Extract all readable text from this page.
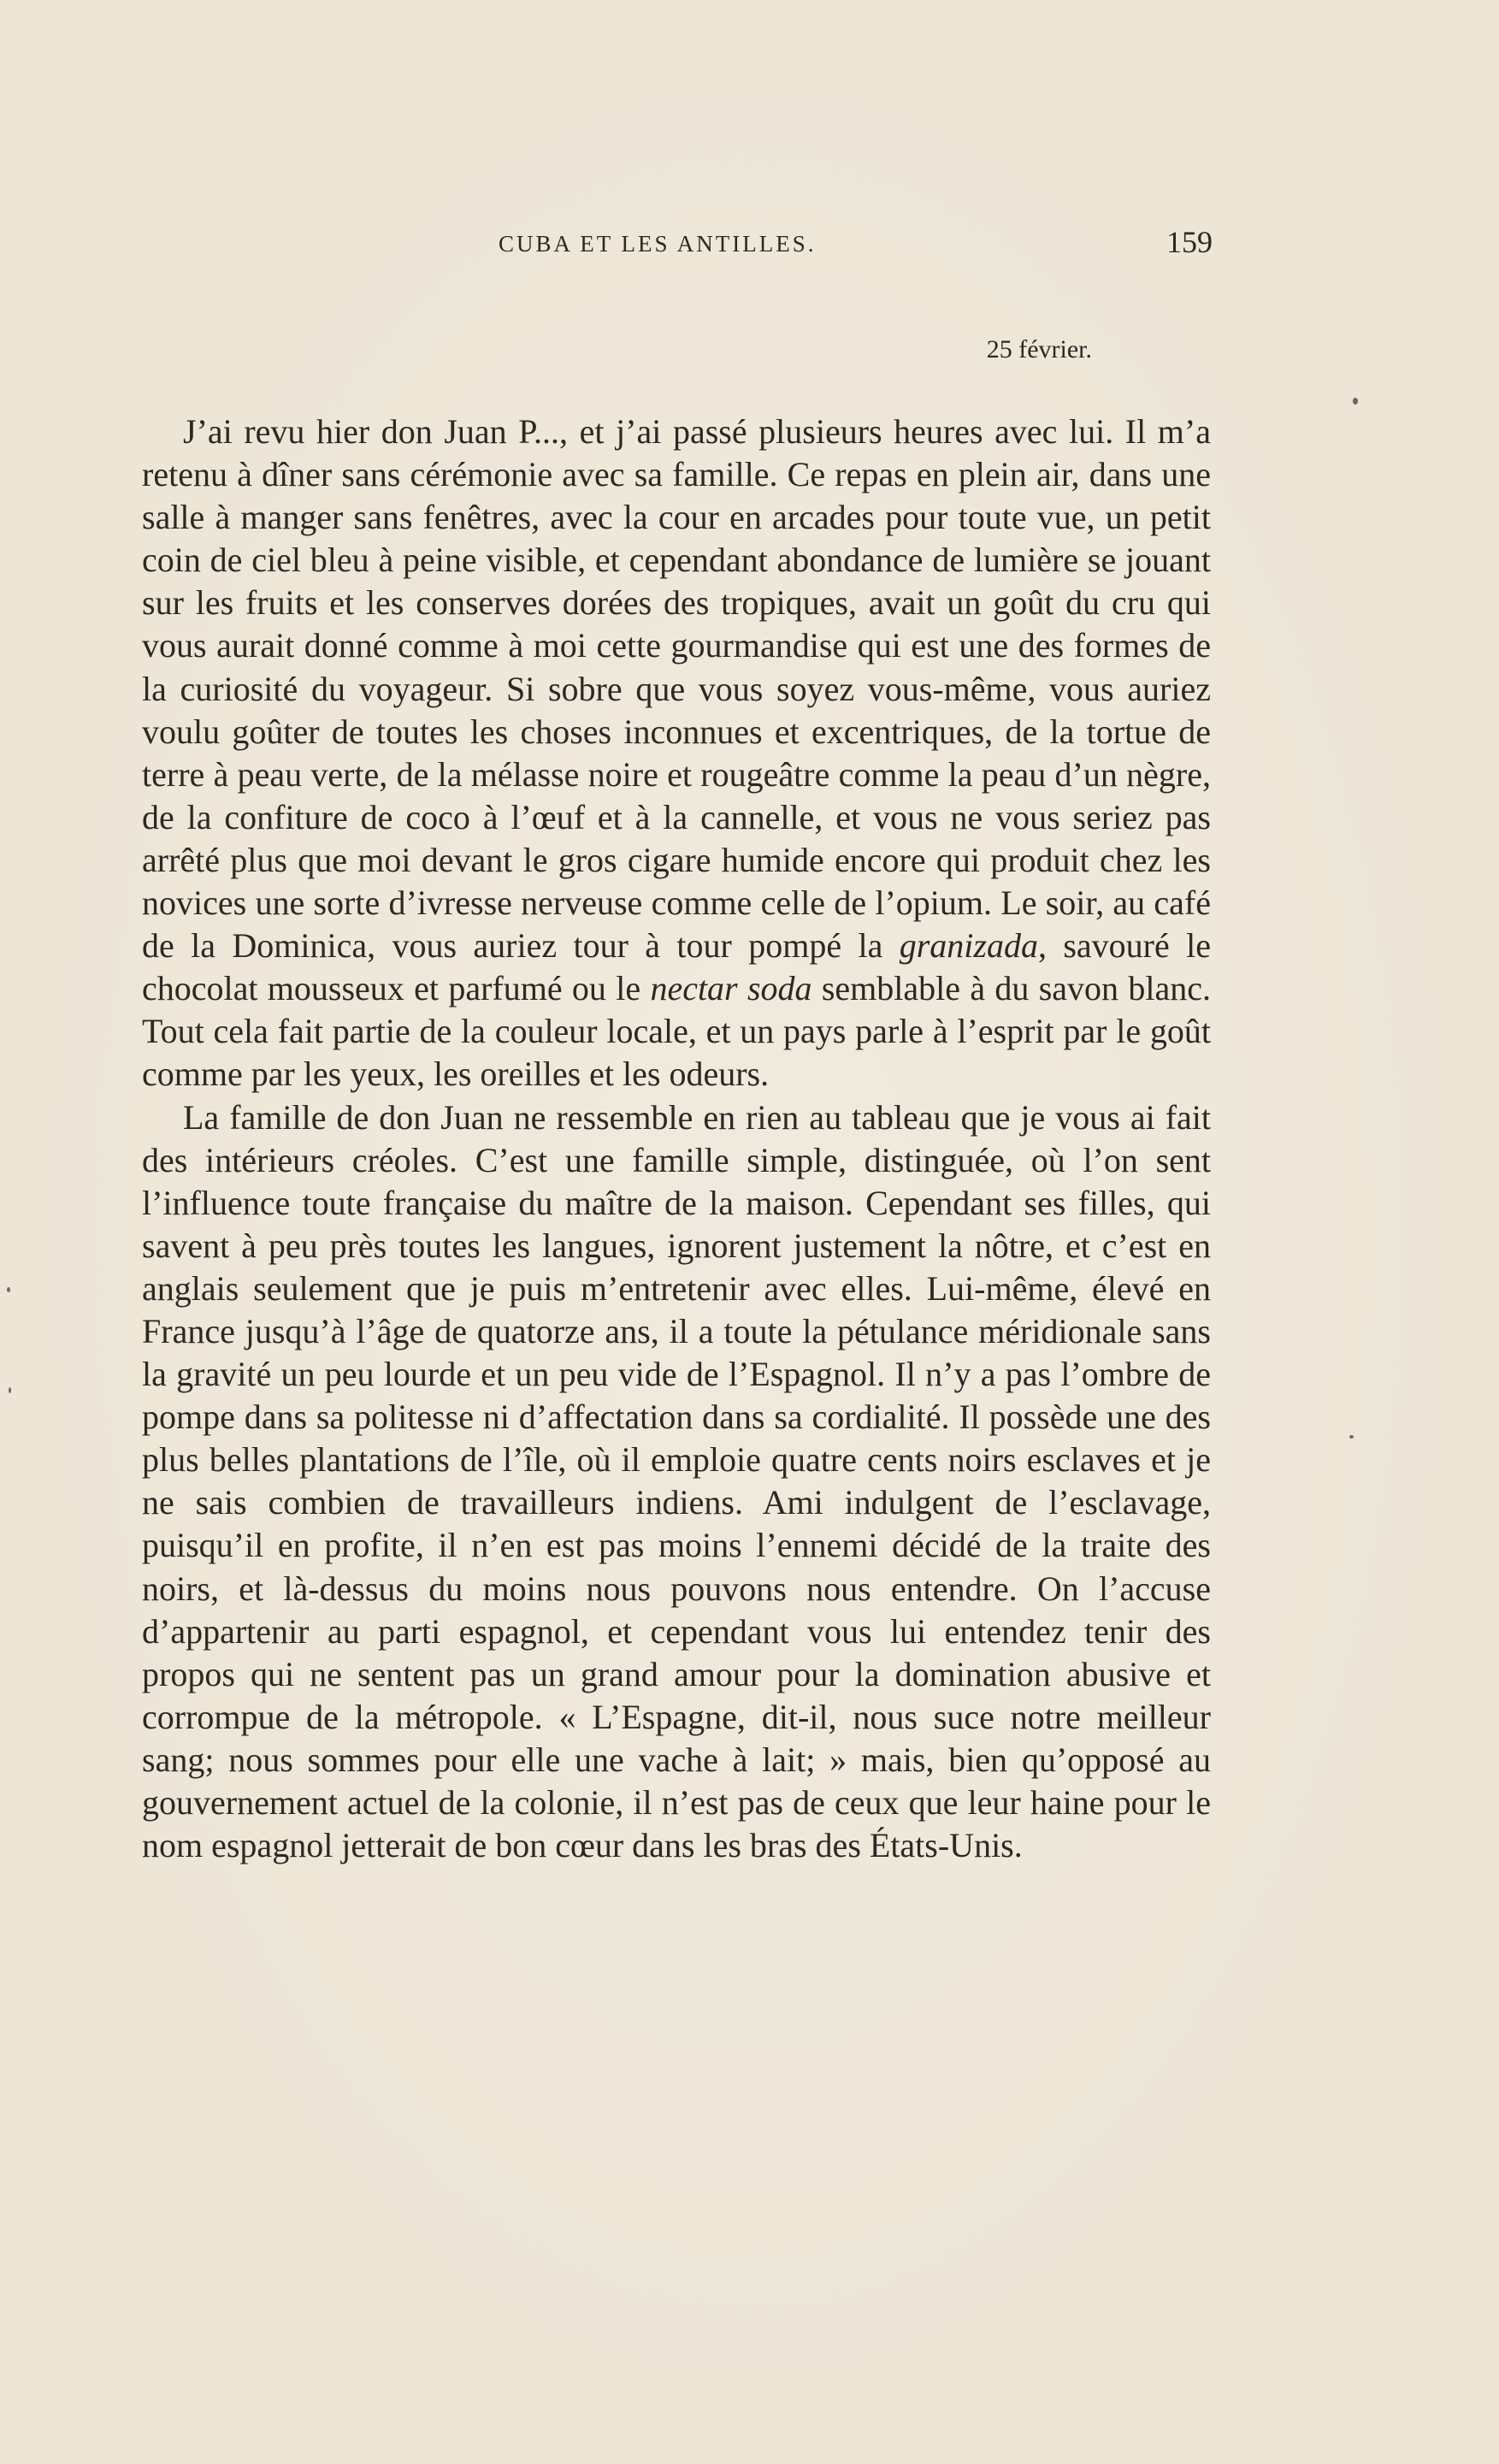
CUBA ET LES ANTILLES.	159
25 février.

J’ai revu hier don Juan P..., et j’ai passé plusieurs heures avec lui. Il m’a retenu à dîner sans cérémonie avec sa famille. Ce repas en plein air, dans une salle à manger sans fenêtres, avec la cour en arcades pour toute vue, un petit coin de ciel bleu à peine visible, et cependant abondance de lumière se jouant sur les fruits et les conserves dorées des tropiques, avait un goût du cru qui vous aurait donné comme à moi cette gourmandise qui est une des formes de la curiosité du voyageur. Si sobre que vous soyez vous-même, vous auriez voulu goûter de toutes les choses inconnues et excentriques, de la tortue de terre à peau verte, de la mélasse noire et rougeâtre comme la peau d’un nègre, de la confiture de coco à l’œuf et à la cannelle, et vous ne vous seriez pas arrêté plus que moi devant le gros cigare humide encore qui produit chez les novices une sorte d’ivresse nerveuse comme celle de l’opium. Le soir, au café de la Dominica, vous auriez tour à tour pompé la granizada, savouré le chocolat mousseux et parfumé ou le nectar soda semblable à du savon blanc. Tout cela fait partie de la couleur locale, et un pays parle à l’esprit par le goût comme par les yeux, les oreilles et les odeurs.

La famille de don Juan ne ressemble en rien au tableau que je vous ai fait des intérieurs créoles. C’est une famille simple, distinguée, où l’on sent l’influence toute française du maître de la maison. Cependant ses filles, qui savent à peu près toutes les langues, ignorent justement la nôtre, et c’est en anglais seulement que je puis m’entretenir avec elles. Lui-même, élevé en France jusqu’à l’âge de quatorze ans, il a toute la pétulance méridionale sans la gravité un peu lourde et un peu vide de l’Espagnol. Il n’y a pas l’ombre de pompe dans sa politesse ni d’affectation dans sa cordialité. Il possède une des plus belles plantations de l’île, où il emploie quatre cents noirs esclaves et je ne sais combien de travailleurs indiens. Ami indulgent de l’esclavage, puisqu’il en profite, il n’en est pas moins l’ennemi décidé de la traite des noirs, et là-dessus du moins nous pouvons nous entendre. On l’accuse d’appartenir au parti espagnol, et cependant vous lui entendez tenir des propos qui ne sentent pas un grand amour pour la domination abusive et corrompue de la métropole. « L’Espagne, dit-il, nous suce notre meilleur sang; nous sommes pour elle une vache à lait; » mais, bien qu’opposé au gouvernement actuel de la colonie, il n’est pas de ceux que leur haine pour le nom espagnol jetterait de bon cœur dans les bras des États-Unis.
